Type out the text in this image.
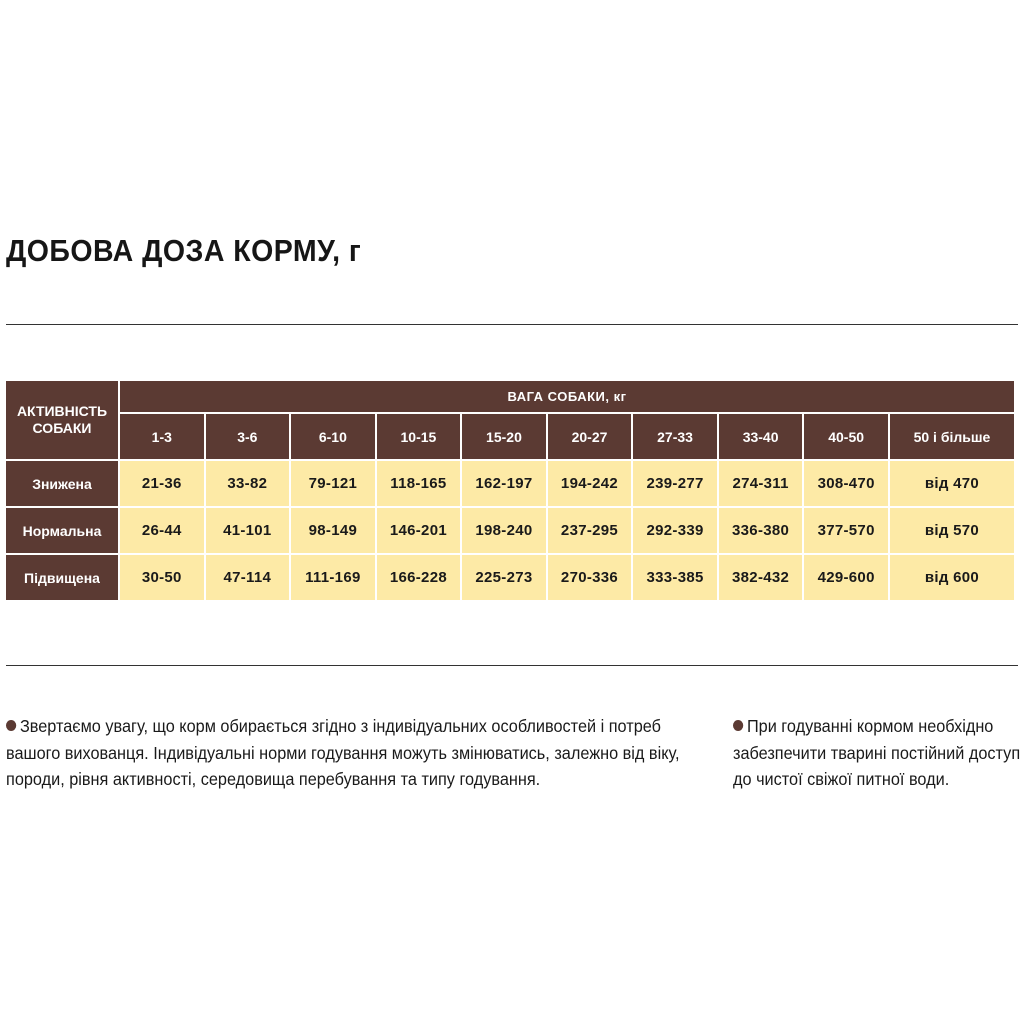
ДОБОВА ДОЗА КОРМУ, г
АКТИВНІСТЬ СОБАКИ	ВАГА СОБАКИ, кг									
	1-3	3-6	6-10	10-15	15-20	20-27	27-33	33-40	40-50	50 і більше
Знижена	21-36	33-82	79-121	118-165	162-197	194-242	239-277	274-311	308-470	від 470
Нормальна	26-44	41-101	98-149	146-201	198-240	237-295	292-339	336-380	377-570	від 570
Підвищена	30-50	47-114	111-169	166-228	225-273	270-336	333-385	382-432	429-600	від 600
Звертаємо увагу, що корм обирається згідно з індивідуальних особливостей і потреб вашого вихованця. Індивідуальні норми годування можуть змінюватись, залежно від віку, породи, рівня активності, середовища перебування та типу годування.
При годуванні кормом необхідно забезпечити тварині постійний доступ до чистої свіжої питної води.
